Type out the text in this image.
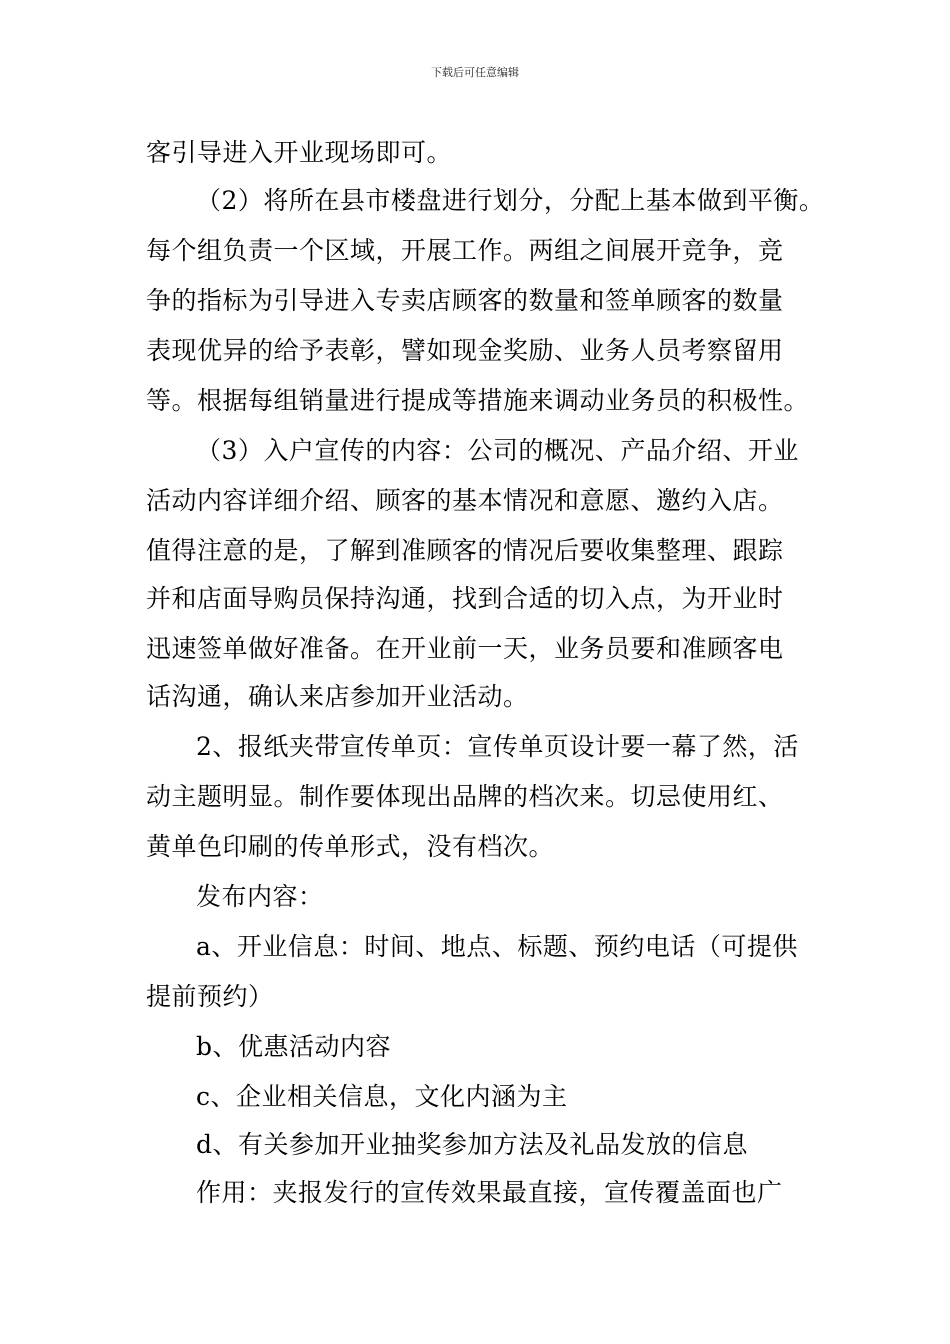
下载后可任意编辑
客引导进入开业现场即可。
（2）将所在县市楼盘进行划分，分配上基本做到平衡。
每个组负责一个区域，开展工作。两组之间展开竞争，竞
争的指标为引导进入专卖店顾客的数量和签单顾客的数量
表现优异的给予表彰，譬如现金奖励、业务人员考察留用
等。根据每组销量进行提成等措施来调动业务员的积极性。
（3）入户宣传的内容：公司的概况、产品介绍、开业
活动内容详细介绍、顾客的基本情况和意愿、邀约入店。
值得注意的是，了解到准顾客的情况后要收集整理、跟踪
并和店面导购员保持沟通，找到合适的切入点，为开业时
迅速签单做好准备。在开业前一天，业务员要和准顾客电
话沟通，确认来店参加开业活动。
2、报纸夹带宣传单页：宣传单页设计要一幕了然，活
动主题明显。制作要体现出品牌的档次来。切忌使用红、
黄单色印刷的传单形式，没有档次。
发布内容：
a、开业信息：时间、地点、标题、预约电话（可提供
提前预约）
b、优惠活动内容
c、企业相关信息，文化内涵为主
d、有关参加开业抽奖参加方法及礼品发放的信息
作用：夹报发行的宣传效果最直接，宣传覆盖面也广
